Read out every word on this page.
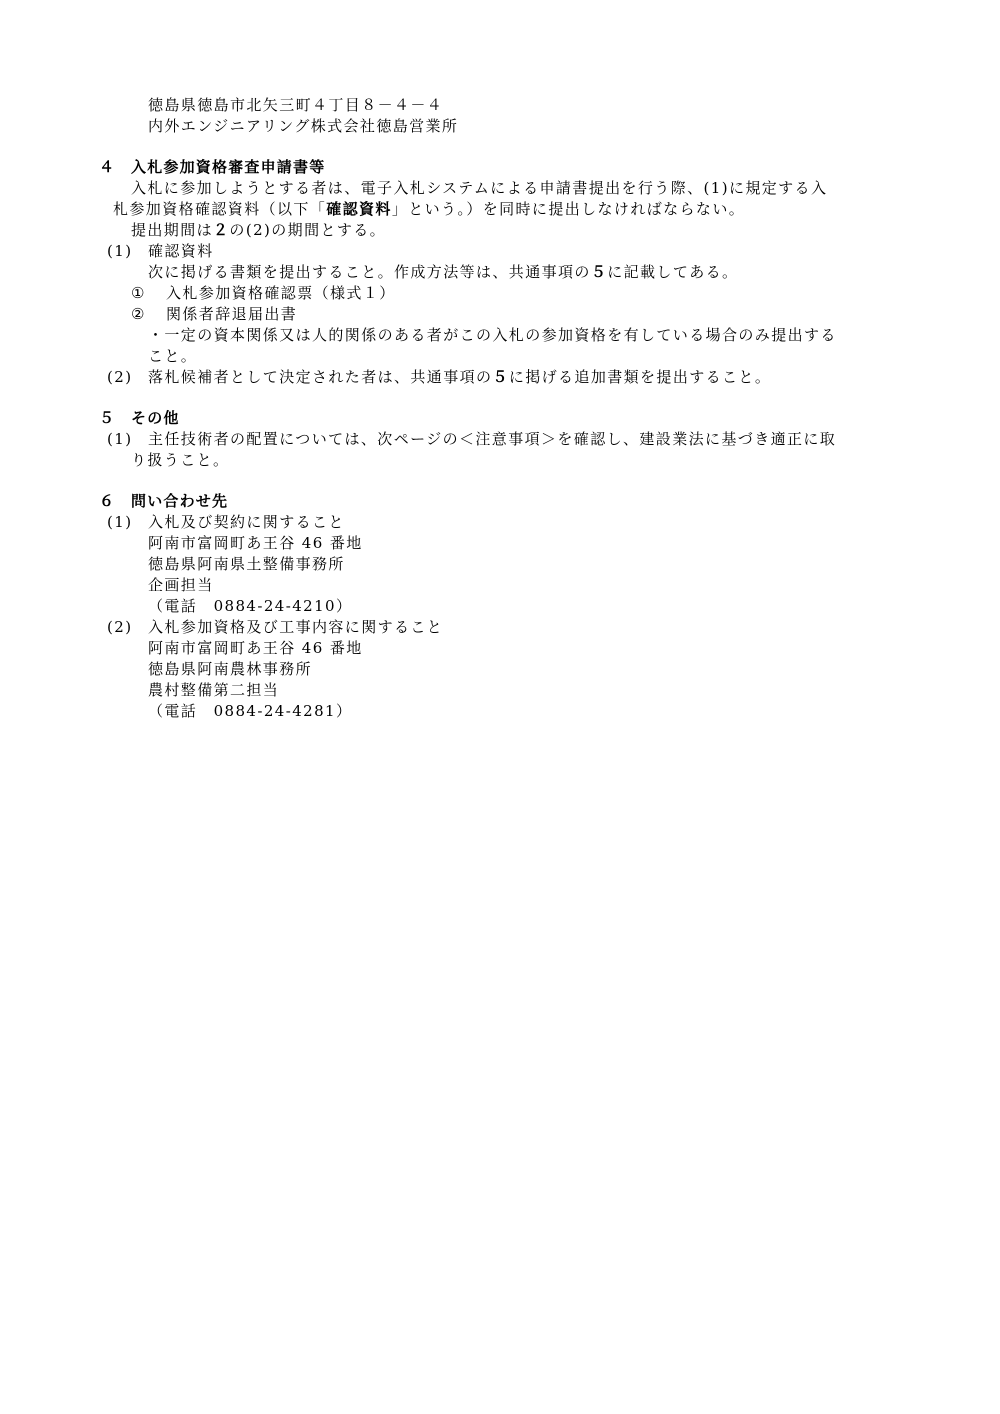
徳島県徳島市北矢三町４丁目８－４－４
内外エンジニアリング株式会社徳島営業所
４ 入札参加資格審査申請書等
入札に参加しようとする者は、電子入札システムによる申請書提出を行う際、(1)に規定する入
札参加資格確認資料（以下「確認資料」という。）を同時に提出しなければならない。
提出期間は２の(2)の期間とする。
(1) 確認資料
次に掲げる書類を提出すること。作成方法等は、共通事項の５に記載してある。
① 入札参加資格確認票（様式１）
② 関係者辞退届出書
・一定の資本関係又は人的関係のある者がこの入札の参加資格を有している場合のみ提出する
こと。
(2) 落札候補者として決定された者は、共通事項の５に掲げる追加書類を提出すること。
５ その他
(1) 主任技術者の配置については、次ページの＜注意事項＞を確認し、建設業法に基づき適正に取
り扱うこと。
６ 問い合わせ先
(1) 入札及び契約に関すること
阿南市富岡町あ王谷 46 番地
徳島県阿南県土整備事務所
企画担当
（電話　0884-24-4210）
(2) 入札参加資格及び工事内容に関すること
阿南市富岡町あ王谷 46 番地
徳島県阿南農林事務所
農村整備第二担当
（電話　0884-24-4281）
